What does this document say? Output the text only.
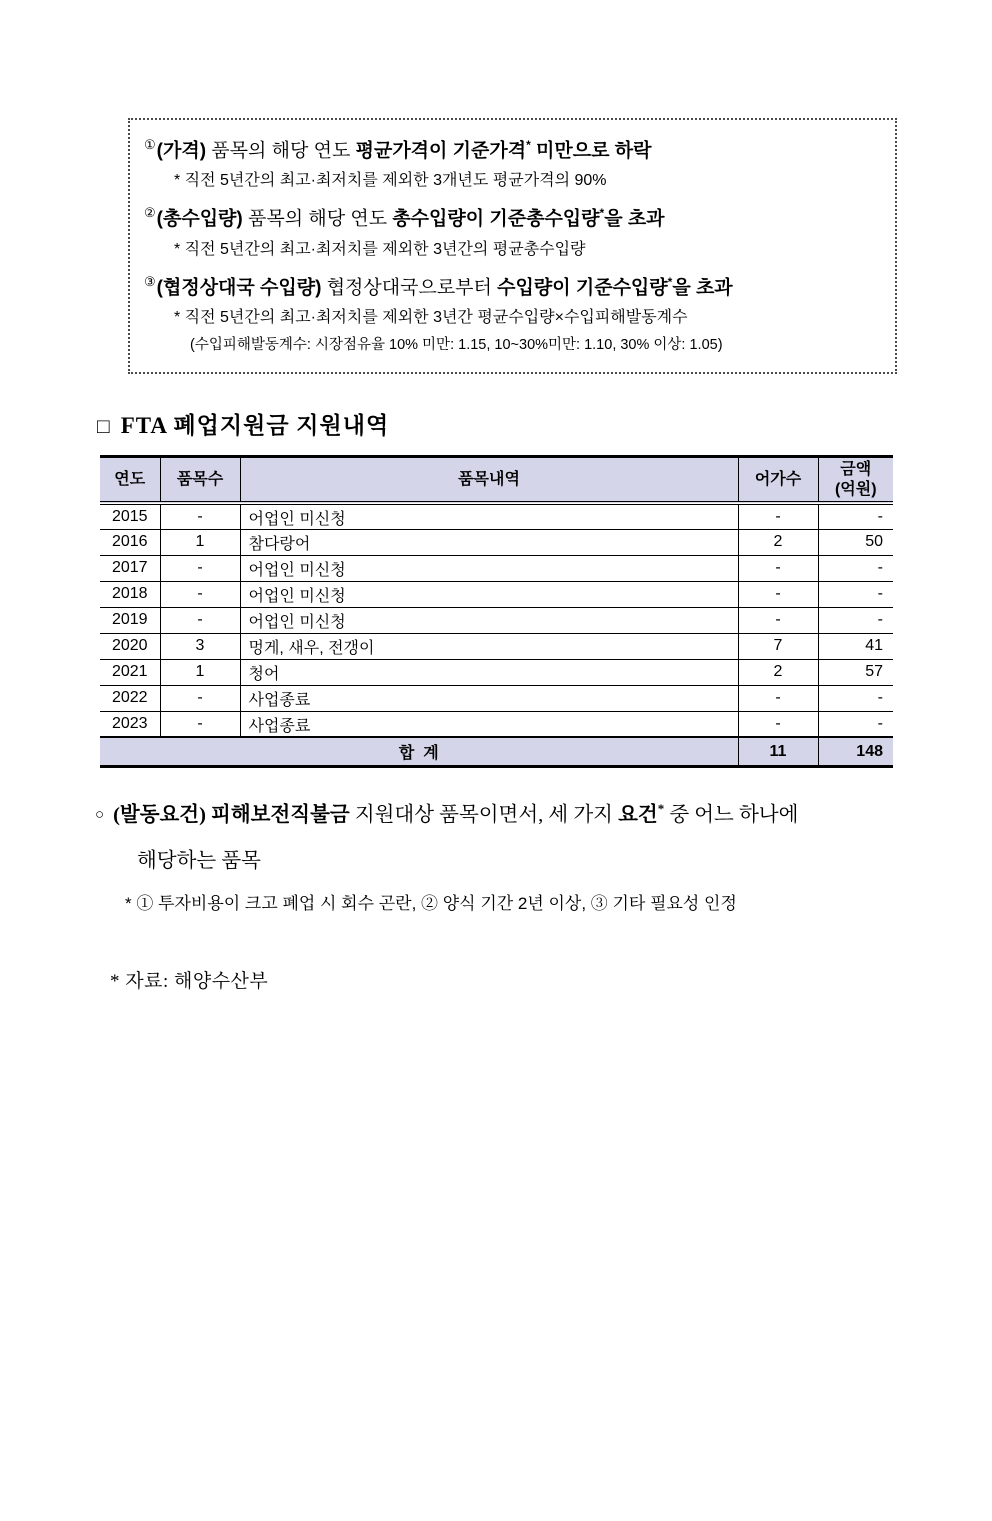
①(가격) 품목의 해당 연도 평균가격이 기준가격* 미만으로 하락
* 직전 5년간의 최고·최저치를 제외한 3개년도 평균가격의 90%
②(총수입량) 품목의 해당 연도 총수입량이 기준총수입량*을 초과
* 직전 5년간의 최고·최저치를 제외한 3년간의 평균총수입량
③(협정상대국 수입량) 협정상대국으로부터 수입량이 기준수입량*을 초과
* 직전 5년간의 최고·최저치를 제외한 3년간 평균수입량×수입피해발동계수
(수입피해발동계수: 시장점유율 10% 미만: 1.15, 10~30%미만: 1.10, 30% 이상: 1.05)
□ FTA 폐업지원금 지원내역
연도	품목수	품목내역	어가수	금액
(억원)

2015	-	어업인 미신청	-	-
2016	1	참다랑어	2	50
2017	-	어업인 미신청	-	-
2018	-	어업인 미신청	-	-
2019	-	어업인 미신청	-	-
2020	3	멍게, 새우, 전갱이	7	41
2021	1	청어	2	57
2022	-	사업종료	-	-
2023	-	사업종료	-	-
합  계			11	148
○ (발동요건) 피해보전직불금 지원대상 품목이면서, 세 가지 요건* 중 어느 하나에
해당하는 품목
* ① 투자비용이 크고 폐업 시 회수 곤란, ② 양식 기간 2년 이상, ③ 기타 필요성 인정
* 자료: 해양수산부
